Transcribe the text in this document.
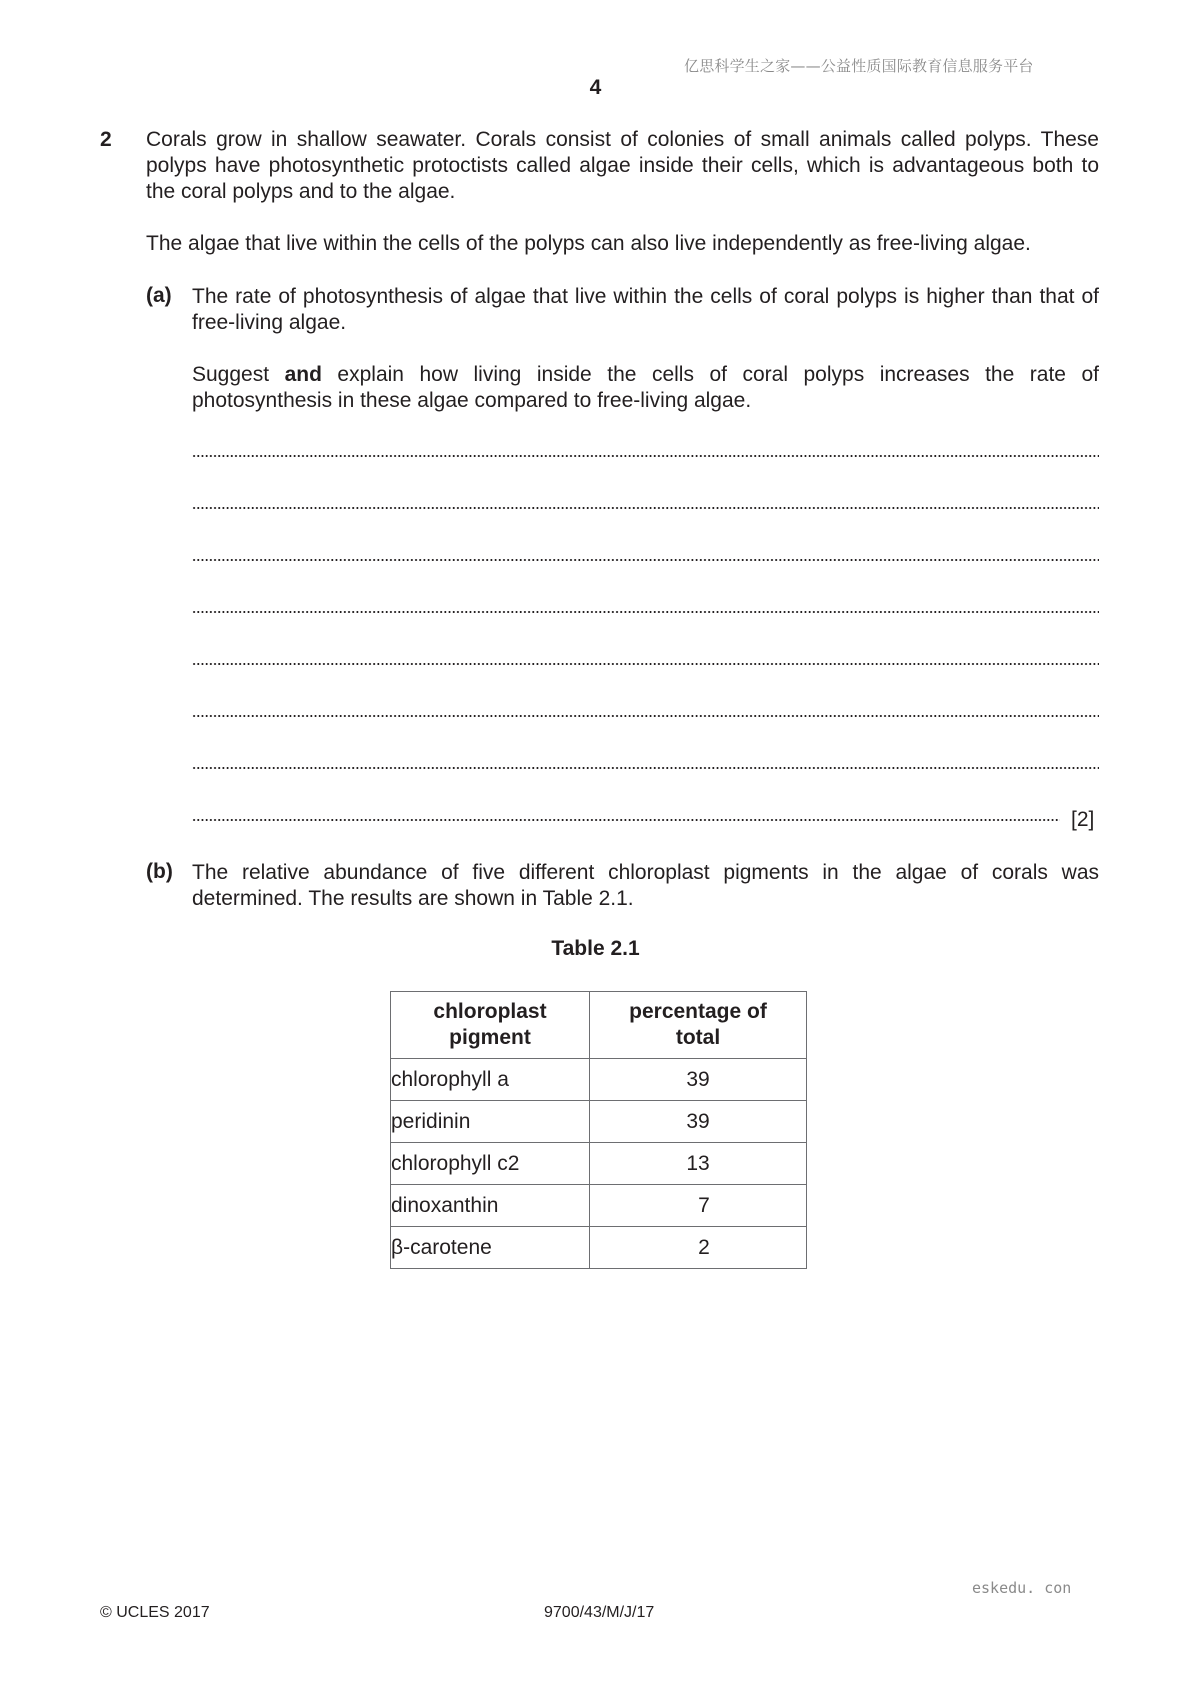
亿思科学生之家——公益性质国际教育信息服务平台
4
2 Corals grow in shallow seawater. Corals consist of colonies of small animals called polyps. These polyps have photosynthetic protoctists called algae inside their cells, which is advantageous both to the coral polyps and to the algae.

The algae that live within the cells of the polyps can also live independently as free-living algae.

(a) The rate of photosynthesis of algae that live within the cells of coral polyps is higher than that of free-living algae.

Suggest and explain how living inside the cells of coral polyps increases the rate of photosynthesis in these algae compared to free-living algae.

[2]
(b) The relative abundance of five different chloroplast pigments in the algae of corals was determined. The results are shown in Table 2.1.

Table 2.1
chloroplast pigment	percentage of total

chlorophyll a	39
peridinin	39
chlorophyll c2	13
dinoxanthin	7
β-carotene	2
eskedu. con
© UCLES 2017	9700/43/M/J/17
